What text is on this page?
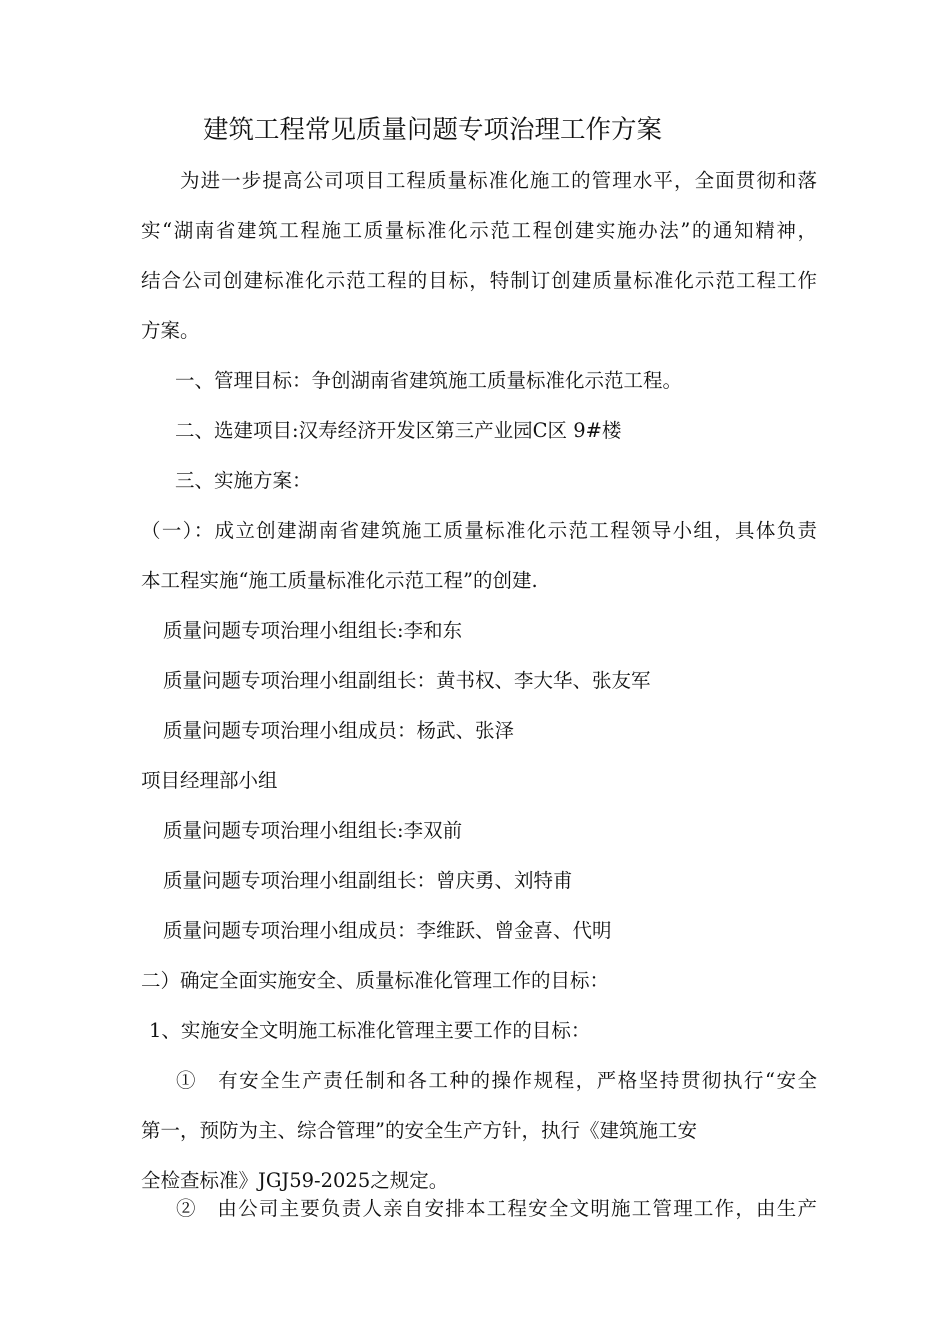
建筑工程常见质量问题专项治理工作方案
为进一步提高公司项目工程质量标准化施工的管理水平，全面贯彻和落
实“湖南省建筑工程施工质量标准化示范工程创建实施办法”的通知精神，
结合公司创建标准化示范工程的目标，特制订创建质量标准化示范工程工作
方案。
一、管理目标：争创湖南省建筑施工质量标准化示范工程。
二、选建项目:汉寿经济开发区第三产业园C区 9#楼
三、实施方案：
（一）：成立创建湖南省建筑施工质量标准化示范工程领导小组，具体负责
本工程实施“施工质量标准化示范工程”的创建.
质量问题专项治理小组组长:李和东
质量问题专项治理小组副组长：黄书权、李大华、张友军
质量问题专项治理小组成员：杨武、张泽
项目经理部小组
质量问题专项治理小组组长:李双前
质量问题专项治理小组副组长：曾庆勇、刘特甫
质量问题专项治理小组成员：李维跃、曾金喜、代明
二）确定全面实施安全、质量标准化管理工作的目标：
1、实施安全文明施工标准化管理主要工作的目标：
①　有安全生产责任制和各工种的操作规程，严格坚持贯彻执行“安全
第一，预防为主、综合管理”的安全生产方针，执行《建筑施工安
全检查标准》JGJ59-2025之规定。
②　由公司主要负责人亲自安排本工程安全文明施工管理工作，由生产
